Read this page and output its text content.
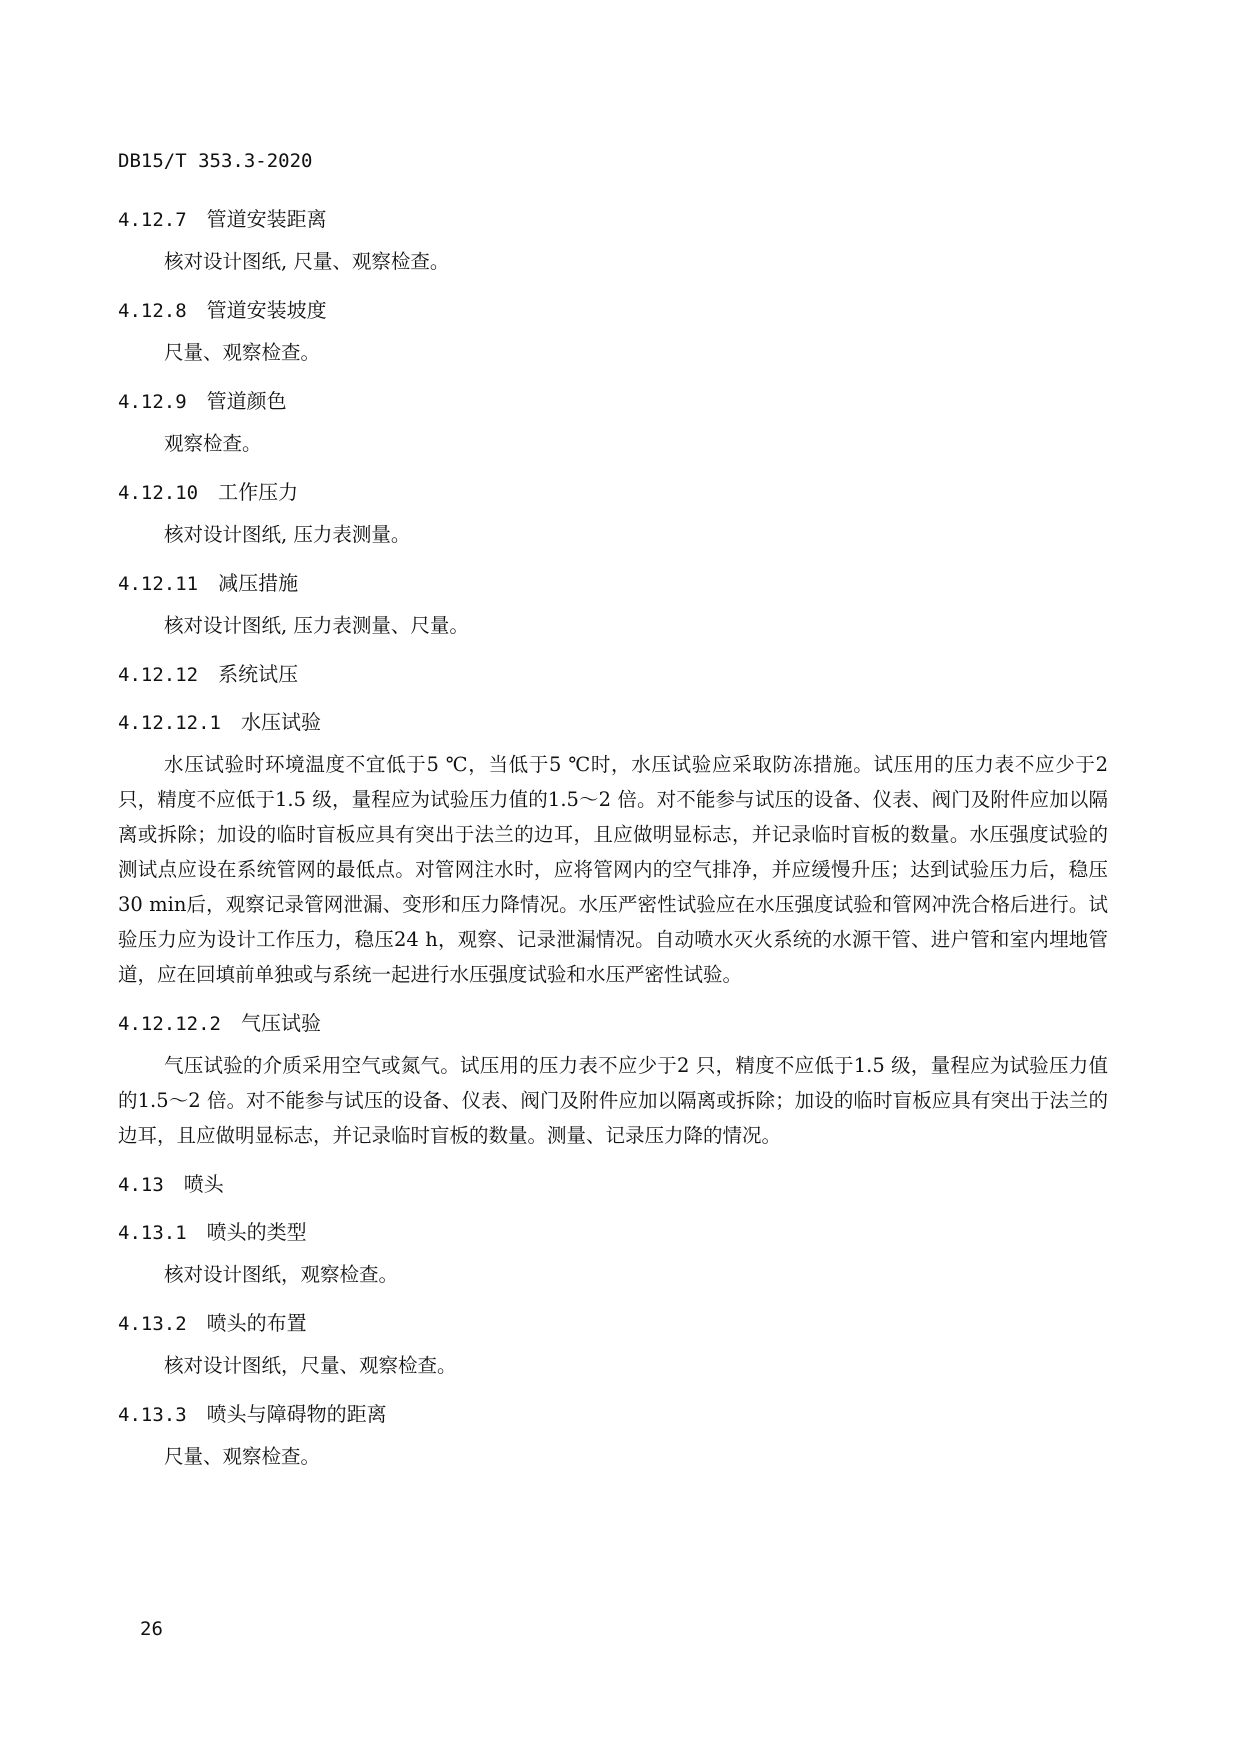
DB15/T 353.3-2020
4.12.7 管道安装距离

核对设计图纸, 尺量、观察检查。

4.12.8 管道安装坡度

尺量、观察检查。

4.12.9 管道颜色

观察检查。

4.12.10 工作压力

核对设计图纸, 压力表测量。

4.12.11 减压措施

核对设计图纸, 压力表测量、尺量。

4.12.12 系统试压
4.12.12.1 水压试验

水压试验时环境温度不宜低于5 ℃，当低于5 ℃时，水压试验应采取防冻措施。试压用的压力表不应少于2 只，精度不应低于1.5 级，量程应为试验压力值的1.5～2 倍。对不能参与试压的设备、仪表、阀门及附件应加以隔离或拆除；加设的临时盲板应具有突出于法兰的边耳，且应做明显标志，并记录临时盲板的数量。水压强度试验的测试点应设在系统管网的最低点。对管网注水时，应将管网内的空气排净，并应缓慢升压；达到试验压力后，稳压30 min后，观察记录管网泄漏、变形和压力降情况。水压严密性试验应在水压强度试验和管网冲洗合格后进行。试验压力应为设计工作压力，稳压24 h，观察、记录泄漏情况。自动喷水灭火系统的水源干管、进户管和室内埋地管道，应在回填前单独或与系统一起进行水压强度试验和水压严密性试验。

4.12.12.2 气压试验

气压试验的介质采用空气或氮气。试压用的压力表不应少于2 只，精度不应低于1.5 级，量程应为试验压力值的1.5～2 倍。对不能参与试压的设备、仪表、阀门及附件应加以隔离或拆除；加设的临时盲板应具有突出于法兰的边耳，且应做明显标志，并记录临时盲板的数量。测量、记录压力降的情况。

4.13 喷头
4.13.1 喷头的类型

核对设计图纸，观察检查。

4.13.2 喷头的布置

核对设计图纸，尺量、观察检查。

4.13.3 喷头与障碍物的距离

尺量、观察检查。

26
